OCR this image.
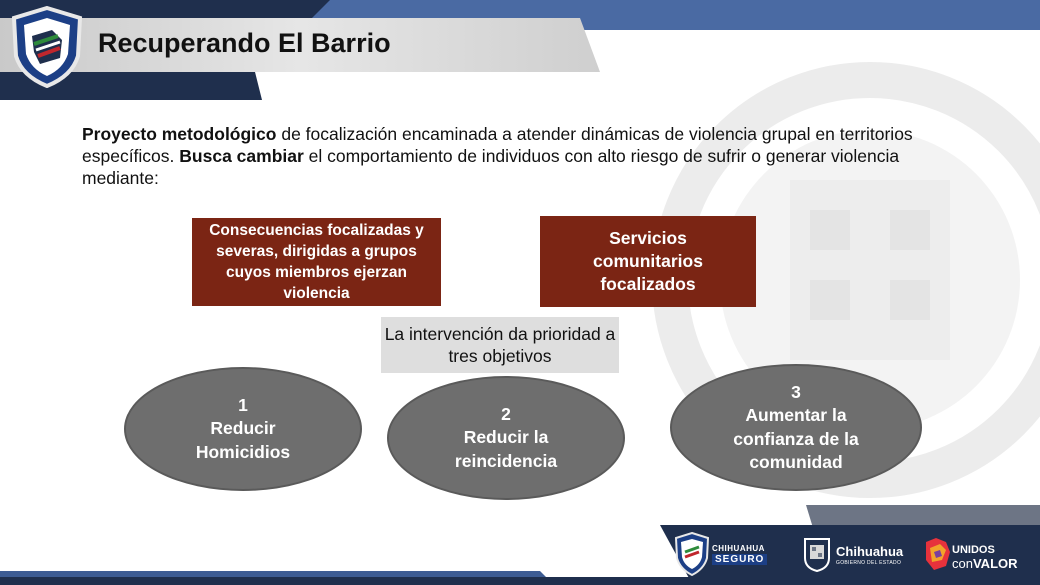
Recuperando El Barrio
Proyecto metodológico de focalización encaminada a atender dinámicas de violencia grupal en territorios específicos. Busca cambiar el comportamiento de individuos con alto riesgo de sufrir o generar violencia mediante:
Consecuencias focalizadas y severas, dirigidas a grupos cuyos miembros ejerzan violencia
Servicios comunitarios focalizados
La intervención da prioridad a tres objetivos
1
Reducir Homicidios
2
Reducir la reincidencia
3
Aumentar la confianza de la comunidad
CHIHUAHUA
SEGURO
Chihuahua
GOBIERNO DEL ESTADO
UNIDOS
conVALOR
